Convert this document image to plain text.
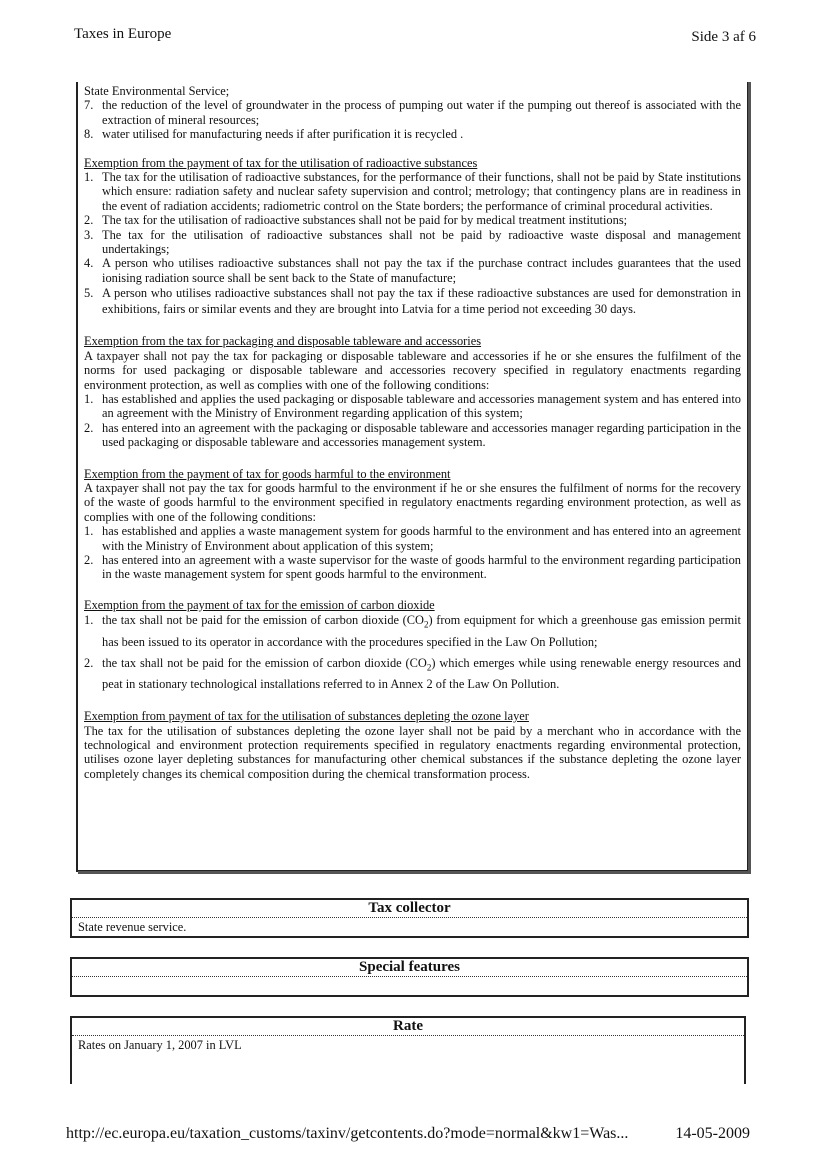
Taxes in Europe	Side 3 af 6

State Environmental Service;

7. the reduction of the level of groundwater in the process of pumping out water if the pumping out thereof is associated with the extraction of mineral resources;
8. water utilised for manufacturing needs if after purification it is recycled .

Exemption from the payment of tax for the utilisation of radioactive substances

1. The tax for the utilisation of radioactive substances, for the performance of their functions, shall not be paid by State institutions which ensure: radiation safety and nuclear safety supervision and control; metrology; that contingency plans are in readiness in the event of radiation accidents; radiometric control on the State borders; the performance of criminal procedural activities.
2. The tax for the utilisation of radioactive substances shall not be paid for by medical treatment institutions;
3. The tax for the utilisation of radioactive substances shall not be paid by radioactive waste disposal and management undertakings;
4. A person who utilises radioactive substances shall not pay the tax if the purchase contract includes guarantees that the used ionising radiation source shall be sent back to the State of manufacture;
5. A person who utilises radioactive substances shall not pay the tax if these radioactive substances are used for demonstration in exhibitions, fairs or similar events and they are brought into Latvia for a time period not exceeding 30 days.

Exemption from the tax for packaging and disposable tableware and accessories

A taxpayer shall not pay the tax for packaging or disposable tableware and accessories if he or she ensures the fulfilment of the norms for used packaging or disposable tableware and accessories recovery specified in regulatory enactments regarding environment protection, as well as complies with one of the following conditions:

1. has established and applies the used packaging or disposable tableware and accessories management system and has entered into an agreement with the Ministry of Environment regarding application of this system;
2. has entered into an agreement with the packaging or disposable tableware and accessories manager regarding participation in the used packaging or disposable tableware and accessories management system.

Exemption from the payment of tax for goods harmful to the environment

A taxpayer shall not pay the tax for goods harmful to the environment if he or she ensures the fulfilment of norms for the recovery of the waste of goods harmful to the environment specified in regulatory enactments regarding environment protection, as well as complies with one of the following conditions:

1. has established and applies a waste management system for goods harmful to the environment and has entered into an agreement with the Ministry of Environment about application of this system;
2. has entered into an agreement with a waste supervisor for the waste of goods harmful to the environment regarding participation in the waste management system for spent goods harmful to the environment.

Exemption from the payment of tax for the emission of carbon dioxide

1. the tax shall not be paid for the emission of carbon dioxide $(CO_2)$ from equipment for which a greenhouse gas emission permit has been issued to its operator in accordance with the procedures specified in the Law On Pollution;
2. the tax shall not be paid for the emission of carbon dioxide $(CO_2)$ which emerges while using renewable energy resources and peat in stationary technological installations referred to in Annex 2 of the Law On Pollution.

Exemption from payment of tax for the utilisation of substances depleting the ozone layer

The tax for the utilisation of substances depleting the ozone layer shall not be paid by a merchant who in accordance with the technological and environment protection requirements specified in regulatory enactments regarding environmental protection, utilises ozone layer depleting substances for manufacturing other chemical substances if the substance depleting the ozone layer completely changes its chemical composition during the chemical transformation process.

Tax collector
State revenue service.
Special features
Rate
Rates on January 1, 2007 in LVL
http://ec.europa.eu/taxation_customs/taxinv/getcontents.do?mode=normal&kw1=Was...	14-05-2009
